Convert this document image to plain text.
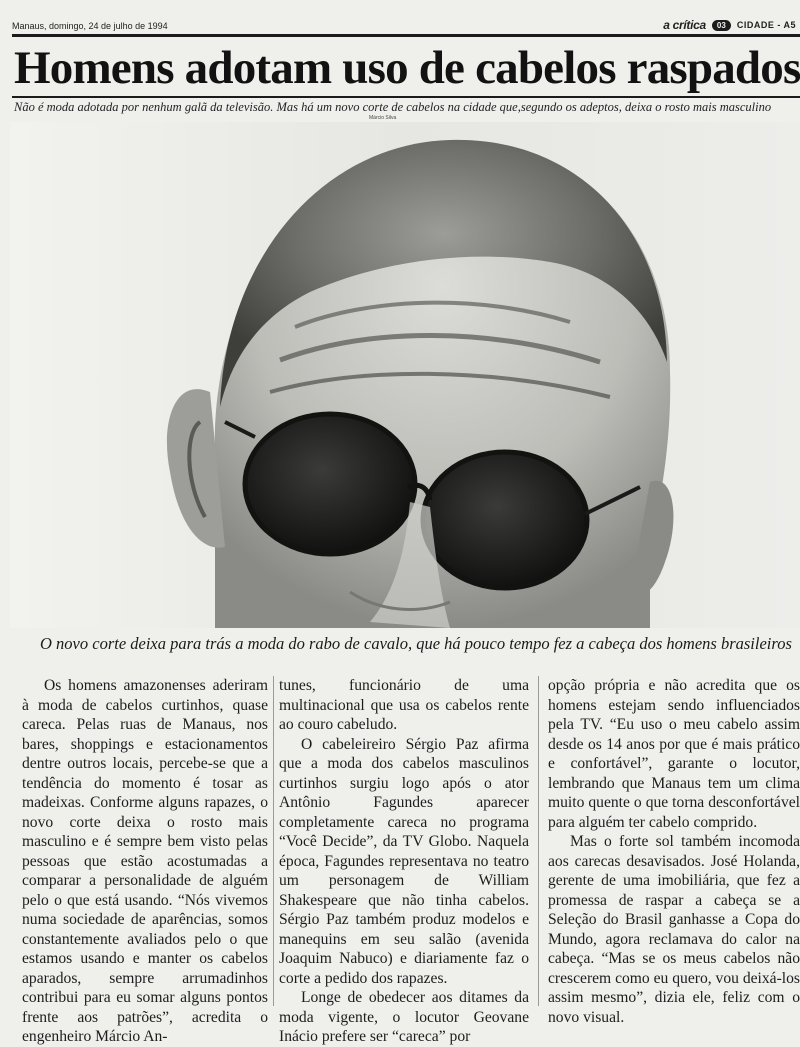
Manaus, domingo, 24 de julho de 1994	a crítica	03	CIDADE - A5
Homens adotam uso de cabelos raspados
Não é moda adotada por nenhum galã da televisão. Mas há um novo corte de cabelos na cidade que,segundo os adeptos, deixa o rosto mais masculino
Márcio Silva
O novo corte deixa para trás a moda do rabo de cavalo, que há pouco tempo fez a cabeça dos homens brasileiros

Os homens amazonenses aderiram à moda de cabelos curtinhos, quase careca. Pelas ruas de Manaus, nos bares, shoppings e estacionamentos dentre outros locais, percebe-se que a tendência do momento é tosar as madeixas. Conforme alguns rapazes, o novo corte deixa o rosto mais masculino e é sempre bem visto pelas pessoas que estão acostumadas a comparar a personalidade de alguém pelo o que está usando. “Nós vivemos numa sociedade de aparências, somos constantemente avaliados pelo o que estamos usando e manter os cabelos aparados, sempre arrumadinhos contribui para eu somar alguns pontos frente aos patrões”, acredita o engenheiro Márcio An-

tunes, funcionário de uma multinacional que usa os cabelos rente ao couro cabeludo.

O cabeleireiro Sérgio Paz afirma que a moda dos cabelos masculinos curtinhos surgiu logo após o ator Antônio Fagundes aparecer completamente careca no programa “Você Decide”, da TV Globo. Naquela época, Fagundes representava no teatro um personagem de William Shakespeare que não tinha cabelos. Sérgio Paz também produz modelos e manequins em seu salão (avenida Joaquim Nabuco) e diariamente faz o corte a pedido dos rapazes.

Longe de obedecer aos ditames da moda vigente, o locutor Geovane Inácio prefere ser “careca” por

opção própria e não acredita que os homens estejam sendo influenciados pela TV. “Eu uso o meu cabelo assim desde os 14 anos por que é mais prático e confortável”, garante o locutor, lembrando que Manaus tem um clima muito quente o que torna desconfortável para alguém ter cabelo comprido.

Mas o forte sol também incomoda aos carecas desavisados. José Holanda, gerente de uma imobiliária, que fez a promessa de raspar a cabeça se a Seleção do Brasil ganhasse a Copa do Mundo, agora reclamava do calor na cabeça. “Mas se os meus cabelos não crescerem como eu quero, vou deixá-los assim mesmo”, dizia ele, feliz com o novo visual.
